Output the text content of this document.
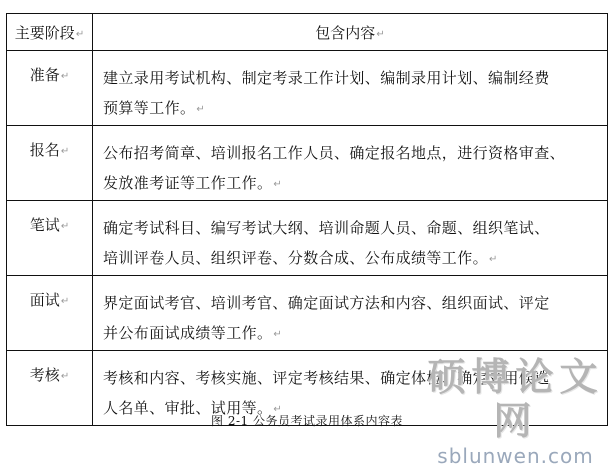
主要阶段↵	包含内容↵
准备↵	建立录用考试机构、制定考录工作计划、编制录用计划、编制经费
预算等工作。↵

报名↵	公布招考简章、培训报名工作人员、确定报名地点，进行资格审查、
发放准考证等工作工作。↵

笔试↵	确定考试科目、编写考试大纲、培训命题人员、命题、组织笔试、
培训评卷人员、组织评卷、分数合成、公布成绩等工作。↵

面试↵	界定面试考官、培训考官、确定面试方法和内容、组织面试、评定
并公布面试成绩等工作。↵

考核↵	考核和内容、考核实施、评定考核结果、确定体检、确定录用候选
人名单、审批、试用等。↵
硕博论文网
sblunwen.com
图 2-1 公务员考试录用体系内容表
